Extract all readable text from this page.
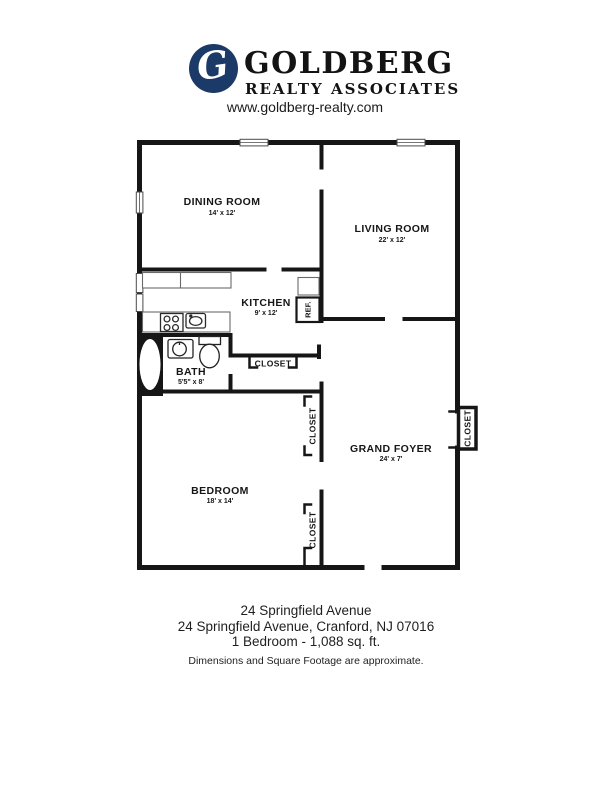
G GOLDBERG
REALTY ASSOCIATES
www.goldberg-realty.com
REF.
CLOSET
DINING ROOM
14' x 12'
LIVING ROOM
22' x 12'
KITCHEN
9' x 12'
BATH
5'5" x 8'
BEDROOM
18' x 14'
GRAND FOYER
24' x 7'
CLOSET
CLOSET
CLOSET
24 Springfield Avenue
24 Springfield Avenue, Cranford, NJ 07016
1 Bedroom - 1,088 sq. ft.
Dimensions and Square Footage are approximate.
